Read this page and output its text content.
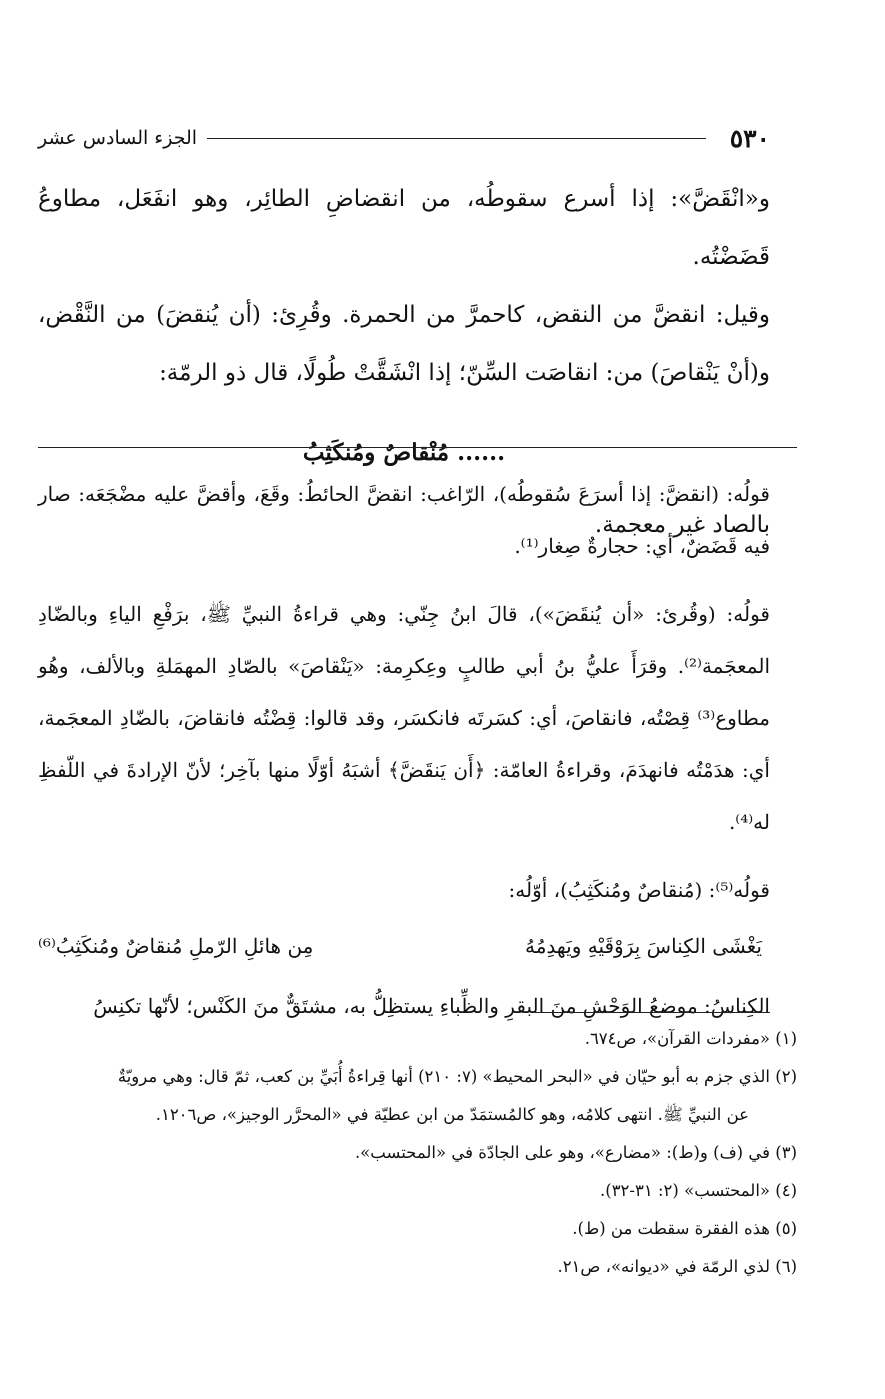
٥٣٠
الجزء السادس عشر

و«انْقَضَّ»: إذا أسرع سقوطُه، من انقضاضِ الطائِر، وهو انفَعَل، مطاوعُ قَضَضْتُه.

وقيل: انقضَّ من النقض، كاحمرَّ من الحمرة. وقُرِئ: (أن يُنقضَ) من النَّقْض، و(أنْ يَنْقاصَ) من: انقاصَت السِّنّ؛ إذا انْشَقَّتْ طُولًا، قال ذو الرمّة:

...... مُنْقاصٌ ومُنكَثِبُ

بالصاد غير معجمة.

قولُه: (انقضَّ: إذا أسرَعَ سُقوطُه)، الرّاغب: انقضَّ الحائطُ: وقَعَ، وأقضَّ عليه مضْجَعَه: صار فيه قَضَضٌ، أي: حجارةٌ صِغار⁽¹⁾.

قولُه: (وقُرئ: «أن يُنقَضَ»)، قالَ ابنُ جِنّي: وهي قراءةُ النبيِّ ﷺ، برَفْعِ الياءِ وبالضّادِ المعجَمة⁽²⁾. وقرَأَ عليُّ بنُ أبي طالبٍ وعِكرِمة: «يَنْقاصَ» بالصّادِ المهمَلةِ وبالألف، وهُو مطاوع⁽³⁾ قِصْتُه، فانقاصَ، أي: كسَرتَه فانكسَر، وقد قالوا: قِضْتُه فانقاضَ، بالضّادِ المعجَمة، أي: هدَمْتُه فانهدَمَ، وقراءةُ العامّة: ﴿أَن يَنقَضَّ﴾ أشبَهُ أوّلًا منها بآخِر؛ لأنّ الإرادةَ في اللّفظِ له⁽⁴⁾.

قولُه⁽⁵⁾: (مُنقاصٌ ومُنكَثِبُ)، أوّلُه:

يَغْشَى الكِناسَ بِرَوْقَيْهِ ويَهدِمُهُ
مِن هائلِ الرّملِ مُنقاضٌ ومُنكَثِبُ⁽⁶⁾

الكِناسُ: موضعُ الوَحْشِ منَ البقرِ والظِّباءِ يستظِلُّ به، مشتَقٌّ منَ الكَنْس؛ لأنّها تكنِسُ

(١) «مفردات القرآن»، ص٦٧٤.

(٢) الذي جزم به أبو حيّان في «البحر المحيط» (٧: ٢١٠) أنها قِراءةُ أُبَيِّ بن كعب، ثمّ قال: وهي مرويّةٌ

عن النبيِّ ﷺ. انتهى كلامُه، وهو كالمُستمَدّ من ابن عطيّة في «المحرَّر الوجيز»، ص١٢٠٦.

(٣) في (ف) و(ط): «مضارع»، وهو على الجادّة في «المحتسب».

(٤) «المحتسب» (٢: ٣١-٣٢).

(٥) هذه الفقرة سقطت من (ط).

(٦) لذي الرمّة في «ديوانه»، ص٢١.
